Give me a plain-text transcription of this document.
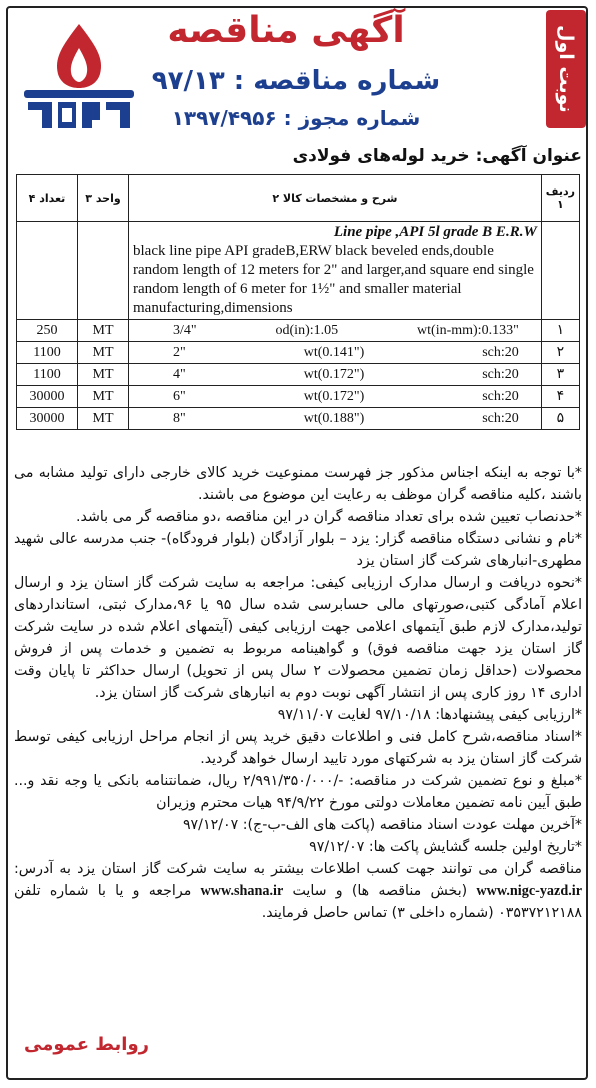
نوبت اول
آگهی مناقصه
شماره مناقصه : ۹۷/۱۳
شماره مجوز : ۱۳۹۷/۴۹۵۶
عنوان آگهی: خرید لوله‌های فولادی
ردیف ۱	شرح و مشخصات کالا ۲	واحد ۳	تعداد ۴

	Line pipe ,API 5l grade B E.R.W
black line pipe API gradeB,ERW black beveled ends,double random length of 12 meters for 2" and larger,and square end single random length of 6 meter for 1½" and smaller material manufacturing,dimensions		
۱	3/4" od(in):1.05 wt(in-mm):0.133"	MT	250
۲	2" wt(0.141") sch:20	MT	1100
۳	4" wt(0.172") sch:20	MT	1100
۴	6" wt(0.172") sch:20	MT	30000
۵	8" wt(0.188") sch:20	MT	30000

*با توجه به اینکه اجناس مذکور جز فهرست ممنوعیت خرید کالای خارجی دارای تولید مشابه می باشند ،کلیه مناقصه گران موظف به رعایت این موضوع می باشند.

*حدنصاب تعیین شده برای تعداد مناقصه گران در این مناقصه ،دو مناقصه گر می باشد.

*نام و نشانی دستگاه مناقصه گزار: یزد – بلوار آزادگان (بلوار فرودگاه)- جنب مدرسه عالی شهید مطهری-انبارهای شرکت گاز استان یزد

*نحوه دریافت و ارسال مدارک ارزیابی کیفی: مراجعه به سایت شرکت گاز استان یزد و ارسال اعلام آمادگی کتبی،صورتهای مالی حسابرسی شده سال ۹۵ یا ۹۶،مدارک ثبتی، استانداردهای تولید،مدارک لازم طبق آیتمهای اعلامی جهت ارزیابی کیفی (آیتمهای اعلام شده در سایت شرکت گاز استان یزد جهت مناقصه فوق) و گواهینامه مربوط به تضمین و خدمات پس از فروش محصولات (حداقل زمان تضمین محصولات ۲ سال پس از تحویل) ارسال حداکثر تا پایان وقت اداری ۱۴ روز کاری پس از انتشار آگهی نوبت دوم به انبارهای شرکت گاز استان یزد.

*ارزیابی کیفی پیشنهادها: ۹۷/۱۰/۱۸ لغایت ۹۷/۱۱/۰۷

*اسناد مناقصه،شرح کامل فنی و اطلاعات دقیق خرید پس از انجام مراحل ارزیابی کیفی توسط شرکت گاز استان یزد به شرکتهای مورد تایید ارسال خواهد گردید.

*مبلغ و نوع تضمین شرکت در مناقصه: -/۲/۹۹۱/۳۵۰/۰۰۰ ریال، ضمانتنامه بانکی یا وجه نقد و... طبق آیین نامه تضمین معاملات دولتی مورخ ۹۴/۹/۲۲ هیات محترم وزیران

*آخرین مهلت عودت اسناد مناقصه (پاکت های الف-ب-ج): ۹۷/۱۲/۰۷

*تاریخ اولین جلسه گشایش پاکت ها: ۹۷/۱۲/۰۷

مناقصه گران می توانند جهت کسب اطلاعات بیشتر به سایت شرکت گاز استان یزد به آدرس: www.nigc-yazd.ir (بخش مناقصه ها) و سایت www.shana.ir مراجعه و یا با شماره تلفن ۰۳۵۳۷۲۱۲۱۸۸ (شماره داخلی ۳) تماس حاصل فرمایند.

روابط عمومی
